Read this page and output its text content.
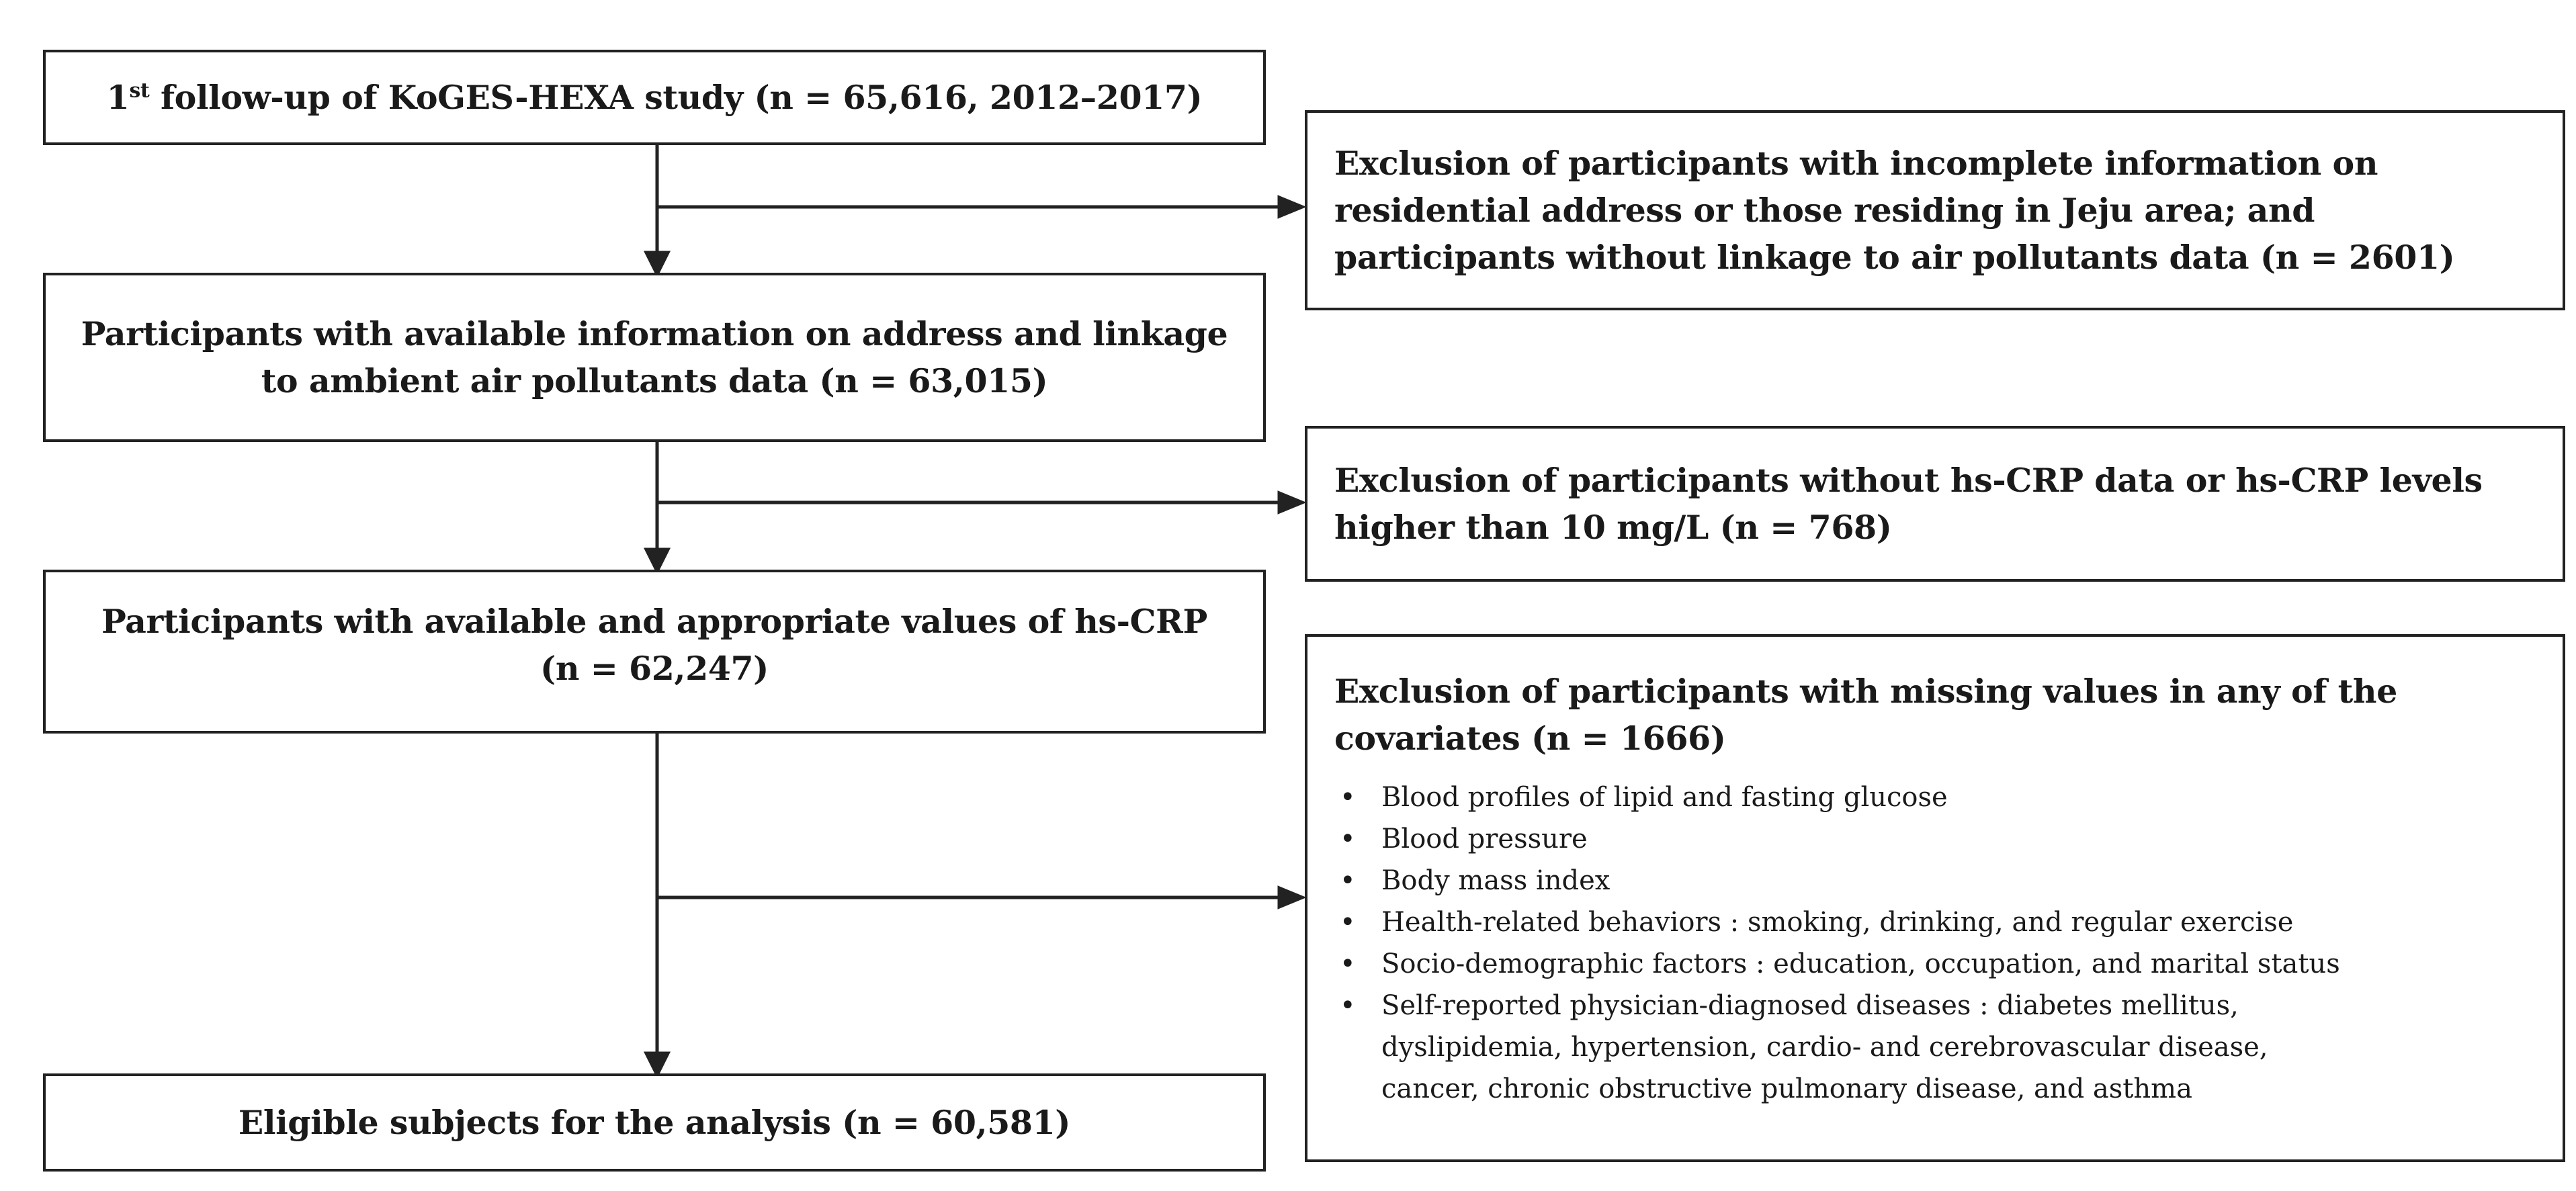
1st follow-up of KoGES-HEXA study (n = 65,616, 2012–2017)
Participants with available information on address and linkage
to ambient air pollutants data (n = 63,015)
Participants with available and appropriate values of hs-CRP
(n = 62,247)
Eligible subjects for the analysis (n = 60,581)
Exclusion of participants with incomplete information on
residential address or those residing in Jeju area; and
participants without linkage to air pollutants data (n = 2601)
Exclusion of participants without hs-CRP data or hs-CRP levels
higher than 10 mg/L (n = 768)
Exclusion of participants with missing values in any of the
covariates (n = 1666)
• Blood profiles of lipid and fasting glucose
• Blood pressure
• Body mass index
• Health-related behaviors : smoking, drinking, and regular exercise
• Socio-demographic factors : education, occupation, and marital status
• Self-reported physician-diagnosed diseases : diabetes mellitus,
dyslipidemia, hypertension, cardio- and cerebrovascular disease,
cancer, chronic obstructive pulmonary disease, and asthma
